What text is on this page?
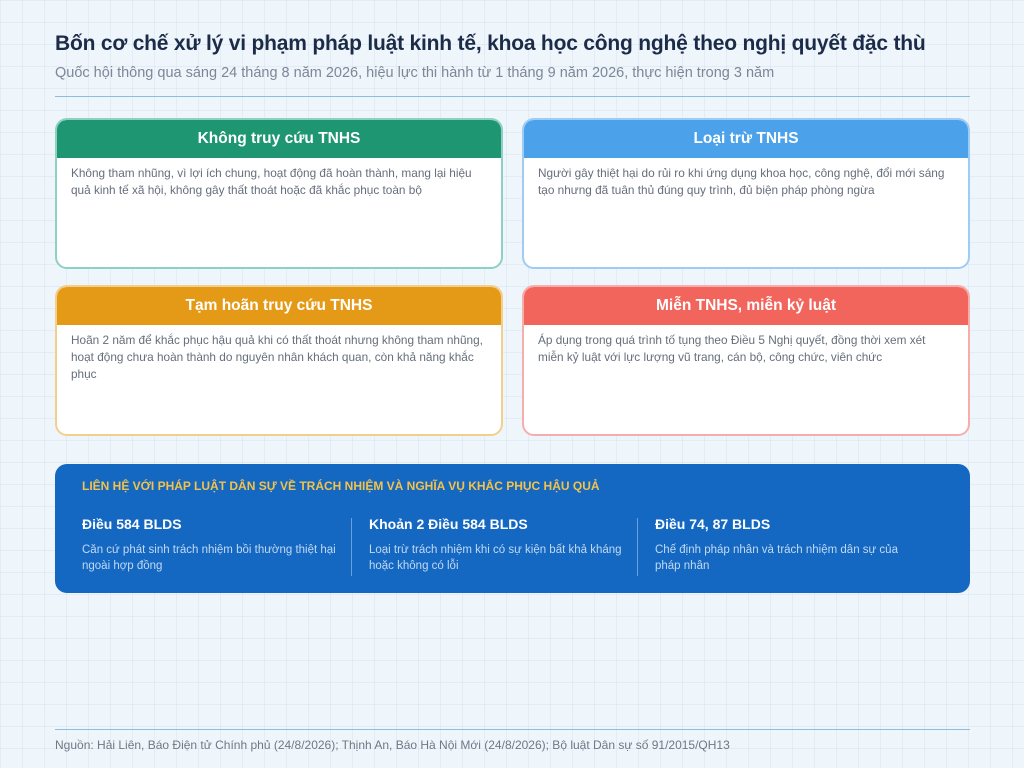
Bốn cơ chế xử lý vi phạm pháp luật kinh tế, khoa học công nghệ theo nghị quyết đặc thù
Quốc hội thông qua sáng 24 tháng 8 năm 2026, hiệu lực thi hành từ 1 tháng 9 năm 2026, thực hiện trong 3 năm
Không truy cứu TNHS
Không tham nhũng, vì lợi ích chung, hoạt động đã hoàn thành, mang lại hiệu quả kinh tế xã hội, không gây thất thoát hoặc đã khắc phục toàn bộ
Loại trừ TNHS
Người gây thiệt hại do rủi ro khi ứng dụng khoa học, công nghệ, đổi mới sáng tạo nhưng đã tuân thủ đúng quy trình, đủ biện pháp phòng ngừa
Tạm hoãn truy cứu TNHS
Hoãn 2 năm để khắc phục hậu quả khi có thất thoát nhưng không tham nhũng, hoạt động chưa hoàn thành do nguyên nhân khách quan, còn khả năng khắc phục
Miễn TNHS, miễn kỷ luật
Áp dụng trong quá trình tố tụng theo Điều 5 Nghị quyết, đồng thời xem xét miễn kỷ luật với lực lượng vũ trang, cán bộ, công chức, viên chức
LIÊN HỆ VỚI PHÁP LUẬT DÂN SỰ VỀ TRÁCH NHIỆM VÀ NGHĨA VỤ KHẮC PHỤC HẬU QUẢ
Điều 584 BLDS
Căn cứ phát sinh trách nhiệm bồi thường thiệt hại ngoài hợp đồng
Khoản 2 Điều 584 BLDS
Loại trừ trách nhiệm khi có sự kiện bất khả kháng hoặc không có lỗi
Điều 74, 87 BLDS
Chế định pháp nhân và trách nhiệm dân sự của pháp nhân
Nguồn: Hải Liên, Báo Điện tử Chính phủ (24/8/2026); Thịnh An, Báo Hà Nội Mới (24/8/2026); Bộ luật Dân sự số 91/2015/QH13
